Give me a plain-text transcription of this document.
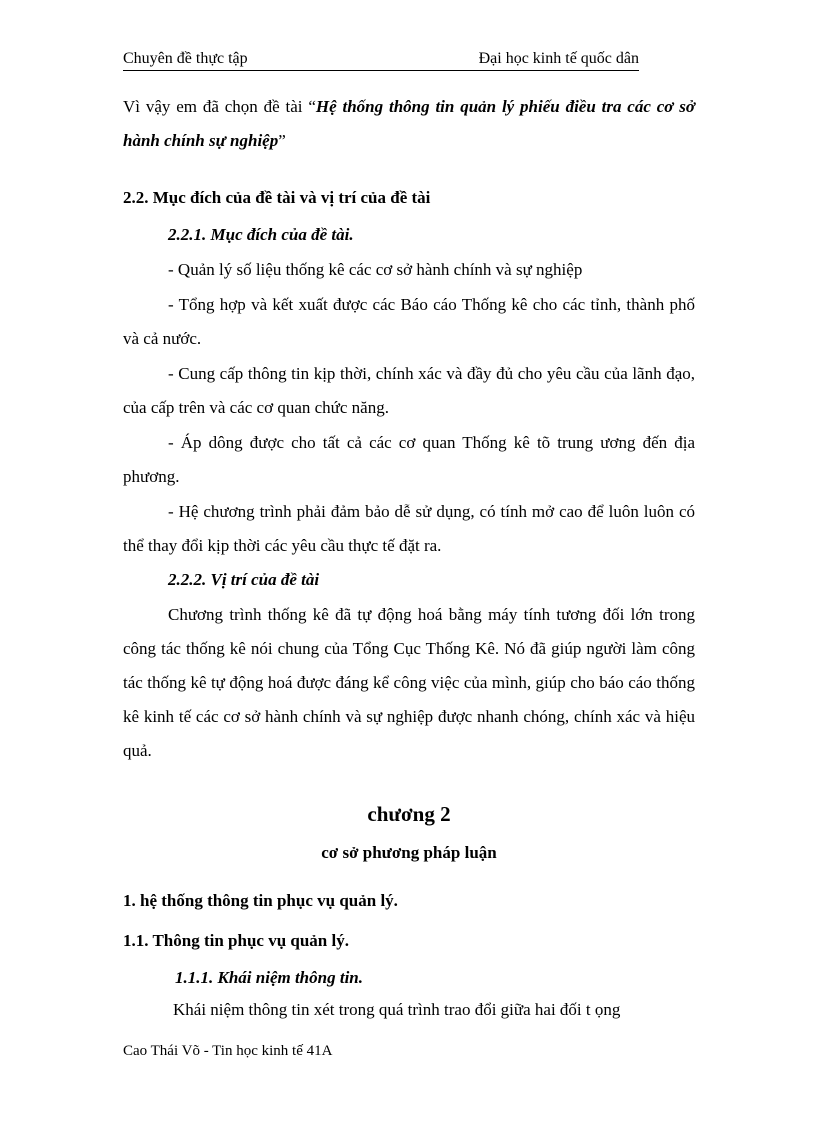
Chuyên đề thực tập	Đại học kinh tế quốc dân
Vì vậy em đã chọn đề tài “Hệ thống thông tin quản lý phiếu điều tra các cơ sở hành chính sự nghiệp”
2.2. Mục đích của đề tài và vị trí của đề tài
2.2.1. Mục đích của đề tài.
- Quản lý số liệu thống kê các cơ sở hành chính và sự nghiệp
- Tổng hợp và kết xuất được các Báo cáo Thống kê cho các tỉnh, thành phố và cả nước.
- Cung cấp thông tin kịp thời, chính xác và đầy đủ cho yêu cầu của lãnh đạo, của cấp trên và các cơ quan chức năng.
- Áp dông được cho tất cả các cơ quan Thống kê tõ trung ương đến địa phương.
- Hệ chương trình phải đảm bảo dễ sử dụng, có tính mở cao để luôn luôn có thể thay đổi kịp thời các yêu cầu thực tế đặt ra.
2.2.2. Vị trí của đề tài
Chương trình thống kê đã tự động hoá bằng máy tính tương đối lớn trong công tác thống kê nói chung của Tổng Cục Thống Kê. Nó đã giúp người làm công tác thống kê tự động hoá được đáng kể công việc của mình, giúp cho báo cáo thống kê kinh tế các cơ sở hành chính và sự nghiệp được nhanh chóng, chính xác và hiệu quả.
chương 2
cơ sở phương pháp luận
1. hệ thống thông tin phục vụ quản lý.
1.1. Thông tin phục vụ quản lý.
1.1.1. Khái niệm thông tin.
Khái niệm thông tin xét trong quá trình trao đổi giữa hai đối t ọng
Cao Thái Võ - Tin học kinh tế 41A
